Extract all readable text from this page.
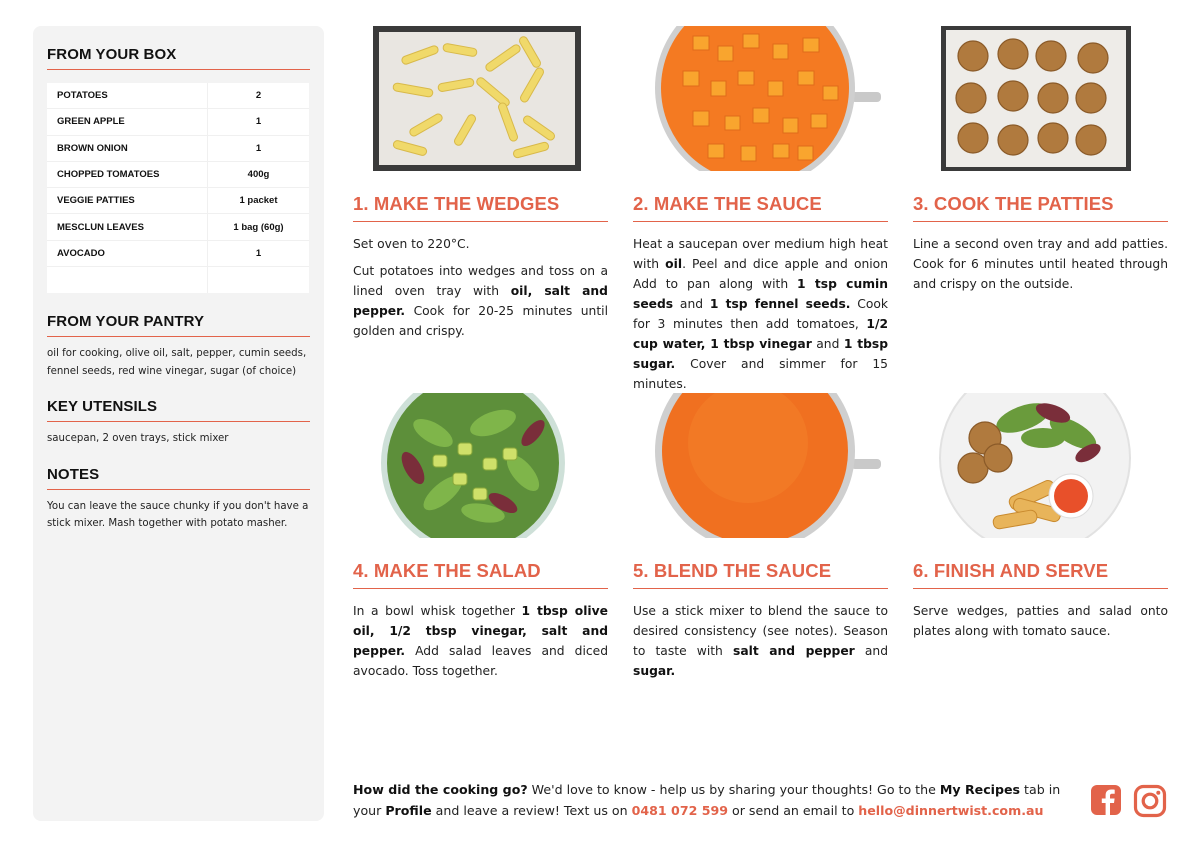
FROM YOUR BOX
POTATOES	2
GREEN APPLE	1
BROWN ONION	1
CHOPPED TOMATOES	400g
VEGGIE PATTIES	1 packet
MESCLUN LEAVES	1 bag (60g)
AVOCADO	1
FROM YOUR PANTRY
oil for cooking, olive oil, salt, pepper, cumin seeds, fennel seeds, red wine vinegar, sugar (of choice)
KEY UTENSILS
saucepan, 2 oven trays, stick mixer
NOTES
You can leave the sauce chunky if you don't have a stick mixer. Mash together with potato masher.
1. MAKE THE WEDGES

Set oven to 220°C.

Cut potatoes into wedges and toss on a lined oven tray with oil, salt and pepper. Cook for 20-25 minutes until golden and crispy.

2. MAKE THE SAUCE

Heat a saucepan over medium high heat with oil. Peel and dice apple and onion Add to pan along with 1 tsp cumin seeds and 1 tsp fennel seeds. Cook for 3 minutes then add tomatoes, 1/2 cup water, 1 tbsp vinegar and 1 tbsp sugar. Cover and simmer for 15 minutes.

3. COOK THE PATTIES

Line a second oven tray and add patties. Cook for 6 minutes until heated through and crispy on the outside.

4. MAKE THE SALAD

In a bowl whisk together 1 tbsp olive oil, 1/2 tbsp vinegar, salt and pepper. Add salad leaves and diced avocado. Toss together.

5. BLEND THE SAUCE

Use a stick mixer to blend the sauce to desired consistency (see notes). Season to taste with salt and pepper and sugar.

6. FINISH AND SERVE

Serve wedges, patties and salad onto plates along with tomato sauce.

How did the cooking go? We'd love to know - help us by sharing your thoughts! Go to the My Recipes tab in your Profile and leave a review! Text us on 0481 072 599 or send an email to hello@dinnertwist.com.au
